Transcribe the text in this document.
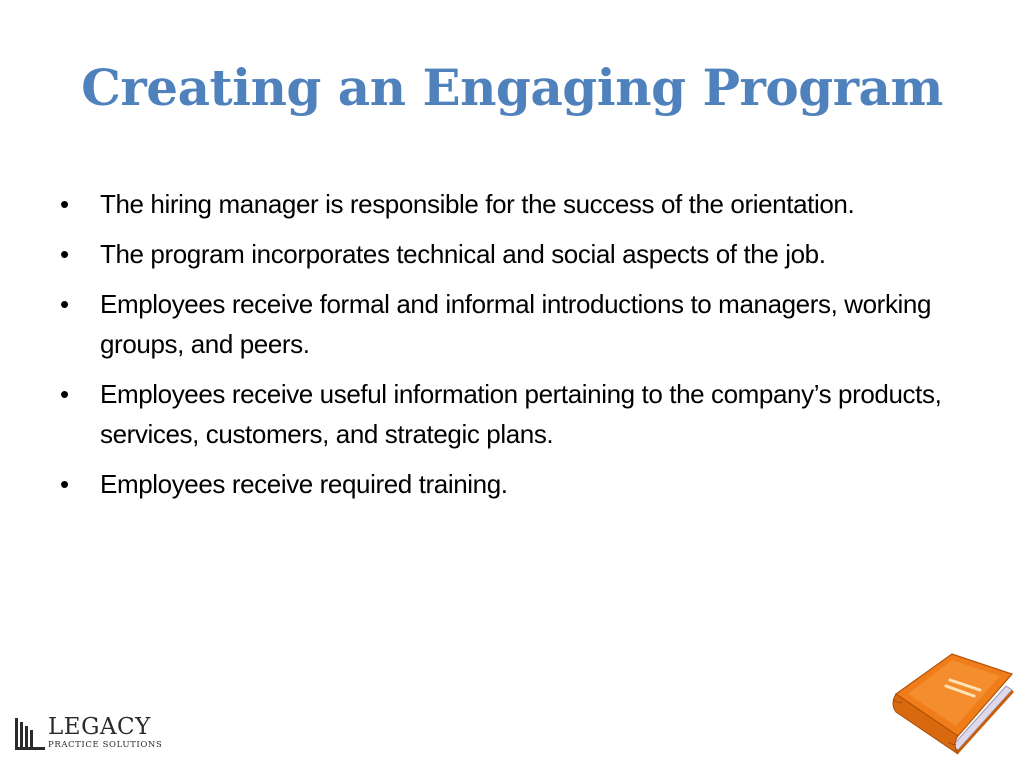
Creating an Engaging Program
•	The hiring manager is responsible for the success of the orientation.
•	The program incorporates technical and social aspects of the job.
•	Employees receive formal and informal introductions to managers, working groups, and peers.
•	Employees receive useful information pertaining to the company’s products, services, customers, and strategic plans.
•	Employees receive required training.
LEGACY
PRACTICE SOLUTIONS
